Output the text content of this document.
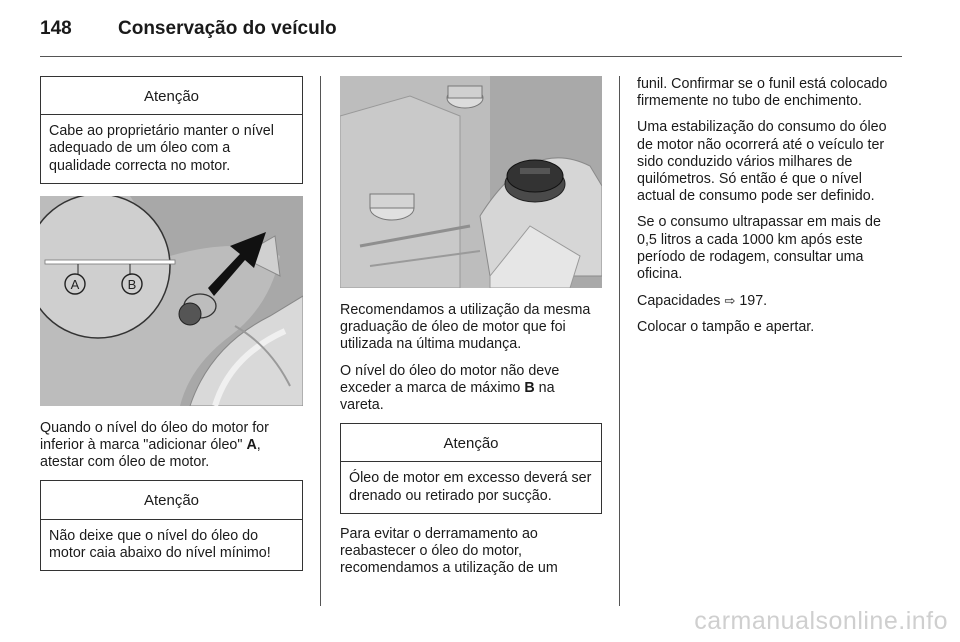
148 Conservação do veículo
Atenção
Cabe ao proprietário manter o nível adequado de um óleo com a qualidade correcta no motor.
A	B

Quando o nível do óleo do motor for inferior à marca "adicionar óleo" A, atestar com óleo de motor.

Atenção
Não deixe que o nível do óleo do motor caia abaixo do nível mínimo!

Recomendamos a utilização da mesma graduação de óleo de motor que foi utilizada na última mudança.

O nível do óleo do motor não deve exceder a marca de máximo B na vareta.

Atenção
Óleo de motor em excesso deverá ser drenado ou retirado por sucção.

Para evitar o derramamento ao reabastecer o óleo do motor, recomendamos a utilização de um

funil. Confirmar se o funil está colocado firmemente no tubo de enchimento.

Uma estabilização do consumo do óleo de motor não ocorrerá até o veículo ter sido conduzido vários milhares de quilómetros. Só então é que o nível actual de consumo pode ser definido.

Se o consumo ultrapassar em mais de 0,5 litros a cada 1000 km após este período de rodagem, consultar uma oficina.

Capacidades ⇨ 197.

Colocar o tampão e apertar.

carmanualsonline.info
